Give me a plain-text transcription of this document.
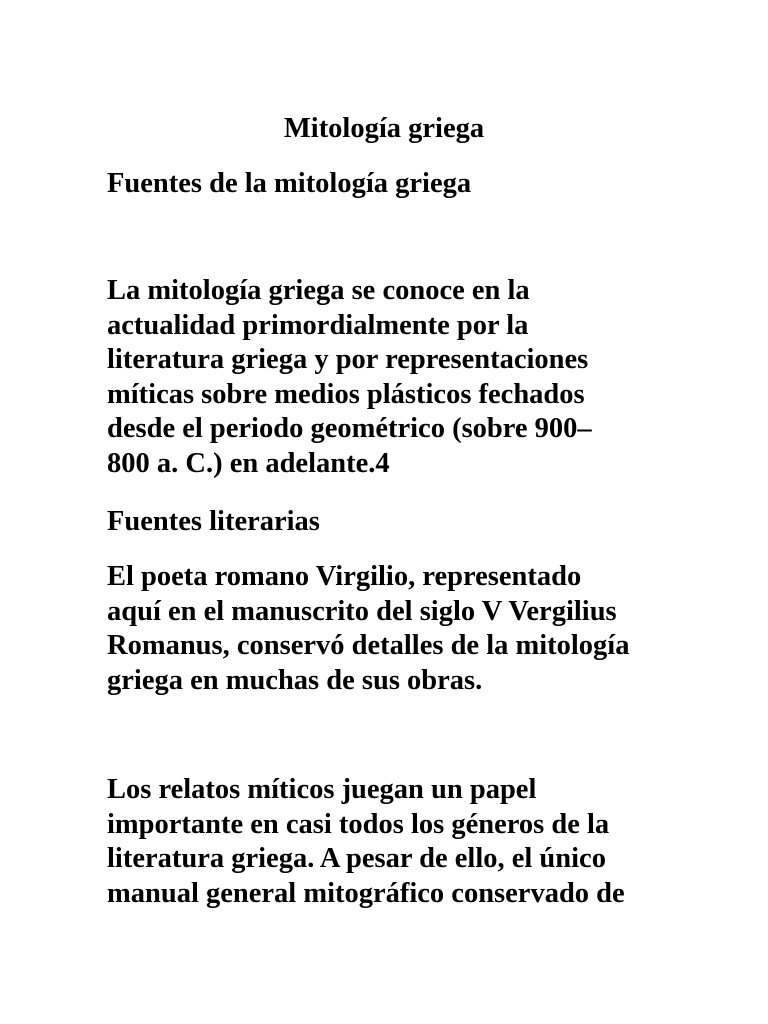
Mitología griega
Fuentes de la mitología griega
La mitología griega se conoce en la
actualidad primordialmente por la
literatura griega y por representaciones
míticas sobre medios plásticos fechados
desde el periodo geométrico (sobre 900–
800 a. C.) en adelante.4
Fuentes literarias
El poeta romano Virgilio, representado
aquí en el manuscrito del siglo V Vergilius
Romanus, conservó detalles de la mitología
griega en muchas de sus obras.
Los relatos míticos juegan un papel
importante en casi todos los géneros de la
literatura griega. A pesar de ello, el único
manual general mitográfico conservado de
